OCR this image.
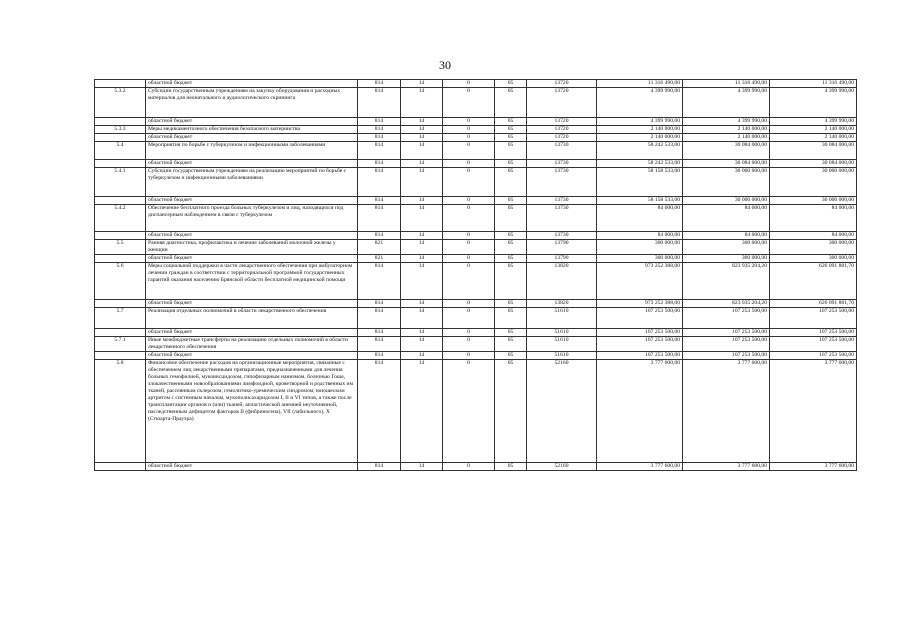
30
	областной бюджет	814	14	0	05	13720	11 316 490,00	11 316 490,00	11 316 490,00
5.3.2	Субсидии государственным учреждениям на закупку оборудования и расходных материалов для неонатального и аудиологического скрининга	814	14	0	05	13720	4 399 990,00	4 399 990,00	4 399 990,00
	областной бюджет	814	14	0	05	13720	4 399 990,00	4 399 990,00	4 399 990,00
5.3.3	Меры медикаментозного обеспечения безопасного материнства	814	14	0	05	13720	2 140 000,00	2 140 000,00	2 140 000,00
	областной бюджет	814	14	0	05	13720	2 140 000,00	2 140 000,00	2 140 000,00
5.4	Мероприятия по борьбе с туберкулезом и инфекционными заболеваниями	814	14	0	05	13730	58 242 533,00	30 084 000,00	30 084 000,00
	областной бюджет	814	14	0	05	13730	58 242 533,00	30 084 000,00	30 084 000,00
5.4.1	Субсидии государственным учреждениям на реализацию мероприятий по борьбе с туберкулезом и инфекционными заболеваниями	814	14	0	05	13730	58 158 533,00	30 000 000,00	30 000 000,00
	областной бюджет	814	14	0	05	13730	58 158 533,00	30 000 000,00	30 000 000,00
5.4.2	Обеспечение бесплатного проезда больных туберкулезом и лиц, находящихся под диспансерным наблюдением в связи с туберкулезом	814	14	0	05	13730	84 000,00	84 000,00	84 000,00
	областной бюджет	814	14	0	05	13730	84 000,00	84 000,00	84 000,00
5.5	Ранняя диагностика, профилактика и лечение заболеваний молочной железы у женщин	821	14	0	05	13790	300 000,00	300 000,00	300 000,00
	областной бюджет	821	14	0	05	13790	300 000,00	300 000,00	300 000,00
5.6	Меры социальной поддержки в части лекарственного обеспечения при амбулаторном лечении граждан в соответствии с территориальной программой государственных гарантий оказания населению Брянской области бесплатной медицинской помощи	814	14	0	05	13820	973 252 388,00	823 935 204,20	626 091 881,70
	областной бюджет	814	14	0	05	13820	973 252 388,00	823 935 204,20	626 091 881,70
5.7	Реализация отдельных полномочий в области лекарственного обеспечения	814	14	0	05	51610	107 253 500,00	107 253 500,00	107 253 500,00
	областной бюджет	814	14	0	05	51610	107 253 500,00	107 253 500,00	107 253 500,00
5.7.1	Иные межбюджетные трансферты на реализацию отдельных полномочий в области лекарственного обеспечения	814	14	0	05	51610	107 253 500,00	107 253 500,00	107 253 500,00
	областной бюджет	814	14	0	05	51610	107 253 500,00	107 253 500,00	107 253 500,00
5.8	Финансовое обеспечение расходов на организационные мероприятия, связанные с обеспечением лиц лекарственными препаратами, предназначенными для лечения больных гемофилией, муковисцидозом, гипофизарным нанизмом, болезнью Гоше, злокачественными новообразованиями лимфоидной, кроветворной и родственных им тканей, рассеянным склерозом, гемолитико-уремическим синдромом, юношеским артритом с системным началом, мукополисахаридозом I, II и VI типов, а также после трансплантации органов и (или) тканей, апластической анемией неуточненной, наследственным дефицитом факторов II (фибриногена), VII (лабильного), X (Стюарта-Прауэра)	814	14	0	05	52160	3 777 600,00	3 777 600,00	3 777 600,00
	областной бюджет	814	14	0	05	52160	3 777 600,00	3 777 600,00	3 777 600,00
